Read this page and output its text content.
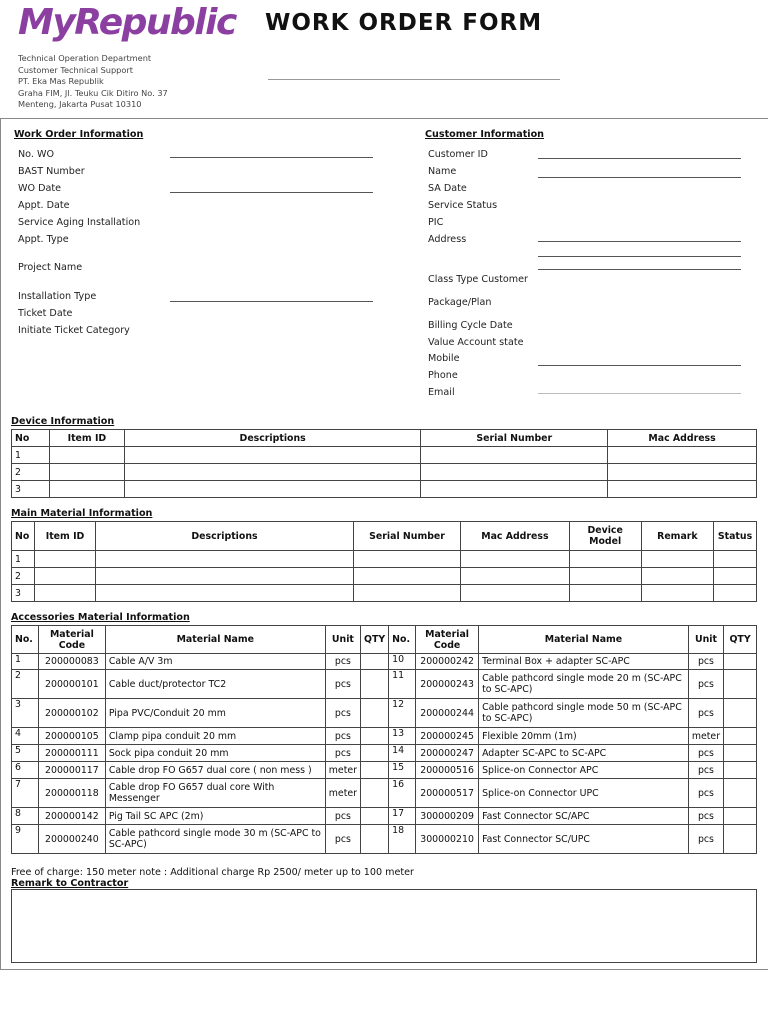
MyRepublic WORK ORDER FORM
Technical Operation Department
Customer Technical Support
PT. Eka Mas Republik
Graha FIM, Jl. Teuku Cik Ditiro No. 37
Menteng, Jakarta Pusat 10310
Work Order Information
No. WO
BAST Number
WO Date
Appt. Date
Service Aging Installation
Appt. Type
Project Name
Installation Type
Ticket Date
Initiate Ticket Category
Customer Information
Customer ID
Name
SA Date
Service Status
PIC
Address
Class Type Customer
Package/Plan
Billing Cycle Date
Value Account state
Mobile
Phone
Email
Device Information
No	Item ID	Descriptions	Serial Number	Mac Address
1				
2				
3				
Main Material Information
No	Item ID	Descriptions	Serial Number	Mac Address	Device Model	Remark	Status
1							
2							
3							
Accessories Material Information
No.	Material Code	Material Name	Unit	QTY	No.	Material Code	Material Name	Unit	QTY
1	200000083	Cable A/V 3m	pcs		10	200000242	Terminal Box + adapter SC-APC	pcs	
2	200000101	Cable duct/protector TC2	pcs		11	200000243	Cable pathcord single mode 20 m (SC-APC to SC-APC)	pcs	
3	200000102	Pipa PVC/Conduit 20 mm	pcs		12	200000244	Cable pathcord single mode 50 m (SC-APC to SC-APC)	pcs	
4	200000105	Clamp pipa conduit 20 mm	pcs		13	200000245	Flexible 20mm (1m)	meter	
5	200000111	Sock pipa conduit 20 mm	pcs		14	200000247	Adapter SC-APC to SC-APC	pcs	
6	200000117	Cable drop FO G657 dual core ( non mess )	meter		15	200000516	Splice-on Connector APC	pcs	
7	200000118	Cable drop FO G657 dual core With Messenger	meter		16	200000517	Splice-on Connector UPC	pcs	
8	200000142	Pig Tail SC APC (2m)	pcs		17	300000209	Fast Connector SC/APC	pcs	
9	200000240	Cable pathcord single mode 30 m (SC-APC to SC-APC)	pcs		18	300000210	Fast Connector SC/UPC	pcs	
Free of charge: 150 meter note : Additional charge Rp 2500/ meter up to 100 meter
Remark to Contractor
